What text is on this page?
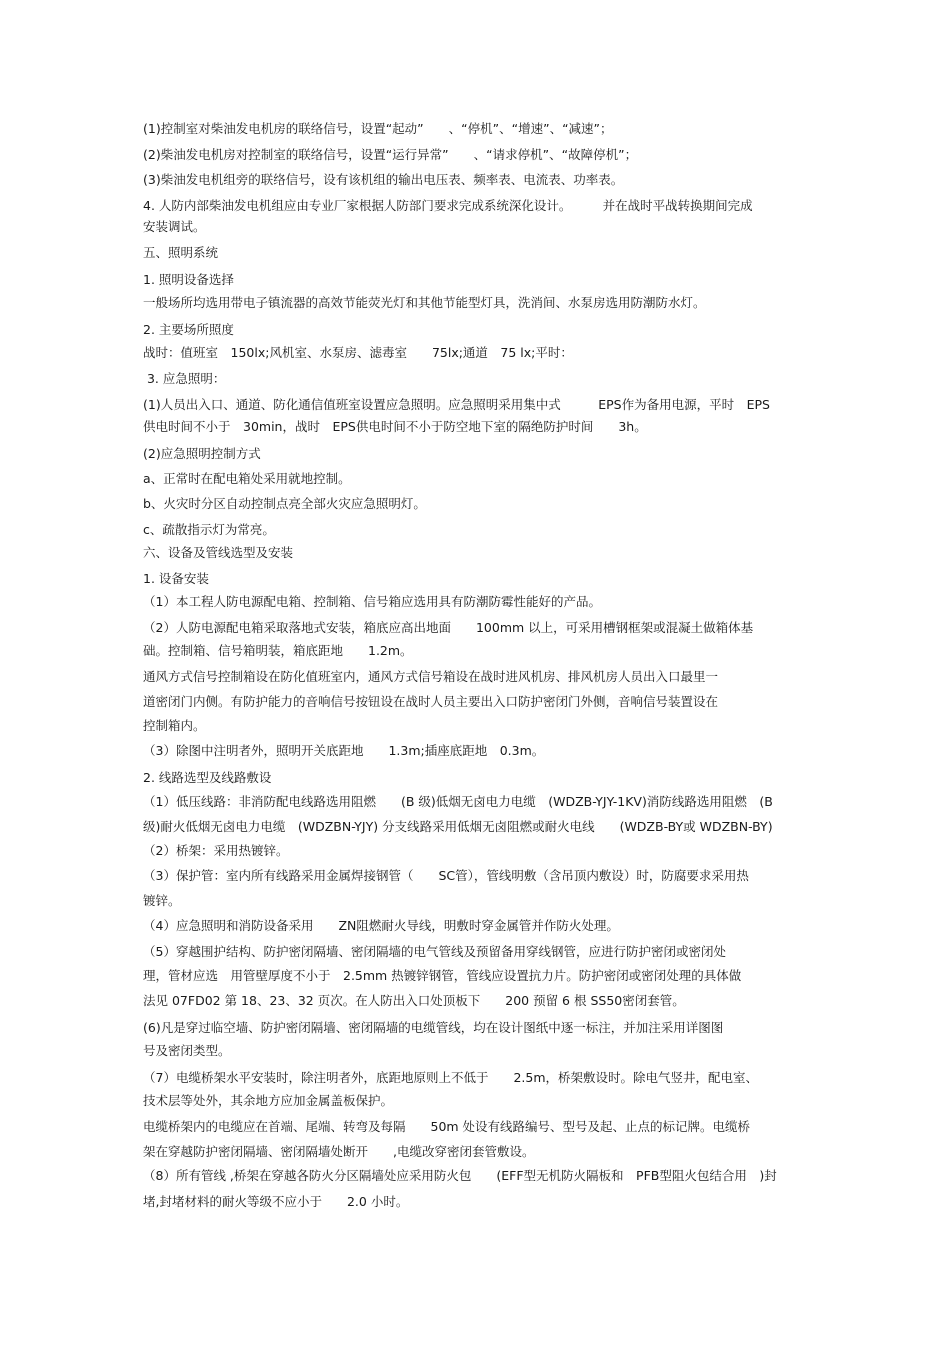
(1)控制室对柴油发电机房的联络信号，设置“起动”　　、“停机”、“增速”、“减速”；
(2)柴油发电机房对控制室的联络信号，设置“运行异常”　　、“请求停机”、“故障停机”；
(3)柴油发电机组旁的联络信号，设有该机组的输出电压表、频率表、电流表、功率表。
4. 人防内部柴油发电机组应由专业厂家根据人防部门要求完成系统深化设计。　　　并在战时平战转换期间完成
安装调试。
五、照明系统
1. 照明设备选择
一般场所均选用带电子镇流器的高效节能荧光灯和其他节能型灯具，洗消间、水泵房选用防潮防水灯。
2. 主要场所照度
战时：值班室　150lx;风机室、水泵房、滤毒室　　75lx;通道　75 lx;平时：
3. 应急照明：
(1)人员出入口、通道、防化通信值班室设置应急照明。应急照明采用集中式　　　EPS作为备用电源，平时　EPS
供电时间不小于　30min，战时　EPS供电时间不小于防空地下室的隔绝防护时间　　3h。
(2)应急照明控制方式
a、正常时在配电箱处采用就地控制。
b、火灾时分区自动控制点亮全部火灾应急照明灯。
c、疏散指示灯为常亮。
六、设备及管线选型及安装
1. 设备安装
（1）本工程人防电源配电箱、控制箱、信号箱应选用具有防潮防霉性能好的产品。
（2）人防电源配电箱采取落地式安装，箱底应高出地面　　100mm 以上，可采用槽钢框架或混凝土做箱体基
础。控制箱、信号箱明装，箱底距地　　1.2m。
通风方式信号控制箱设在防化值班室内，通风方式信号箱设在战时进风机房、排风机房人员出入口最里一
道密闭门内侧。有防护能力的音响信号按钮设在战时人员主要出入口防护密闭门外侧，音响信号装置设在
控制箱内。
（3）除图中注明者外，照明开关底距地　　1.3m;插座底距地　0.3m。
2. 线路选型及线路敷设
（1）低压线路：非消防配电线路选用阻燃　　(B 级)低烟无卤电力电缆　(WDZB-YJY-1KV)消防线路选用阻燃　(B
级)耐火低烟无卤电力电缆　(WDZBN-YJY) 分支线路采用低烟无卤阻燃或耐火电线　　(WDZB-BY或 WDZBN-BY)
（2）桥架：采用热镀锌。
（3）保护管：室内所有线路采用金属焊接钢管（　　SC管），管线明敷（含吊顶内敷设）时，防腐要求采用热
镀锌。
（4）应急照明和消防设备采用　　ZN阻燃耐火导线，明敷时穿金属管并作防火处理。
（5）穿越围护结构、防护密闭隔墙、密闭隔墙的电气管线及预留备用穿线钢管，应进行防护密闭或密闭处
理，管材应选　用管壁厚度不小于　2.5mm 热镀锌钢管，管线应设置抗力片。防护密闭或密闭处理的具体做
法见 07FD02 第 18、23、32 页次。在人防出入口处顶板下　　200 预留 6 根 SS50密闭套管。
(6)凡是穿过临空墙、防护密闭隔墙、密闭隔墙的电缆管线，均在设计图纸中逐一标注，并加注采用详图图
号及密闭类型。
（7）电缆桥架水平安装时，除注明者外，底距地原则上不低于　　2.5m，桥架敷设时。除电气竖井，配电室、
技术层等处外，其余地方应加金属盖板保护。
电缆桥架内的电缆应在首端、尾端、转弯及每隔　　50m 处设有线路编号、型号及起、止点的标记牌。电缆桥
架在穿越防护密闭隔墙、密闭隔墙处断开　　,电缆改穿密闭套管敷设。
（8）所有管线 ,桥架在穿越各防火分区隔墙处应采用防火包　　(EFF型无机防火隔板和　PFB型阻火包结合用　)封
堵,封堵材料的耐火等级不应小于　　2.0 小时。
